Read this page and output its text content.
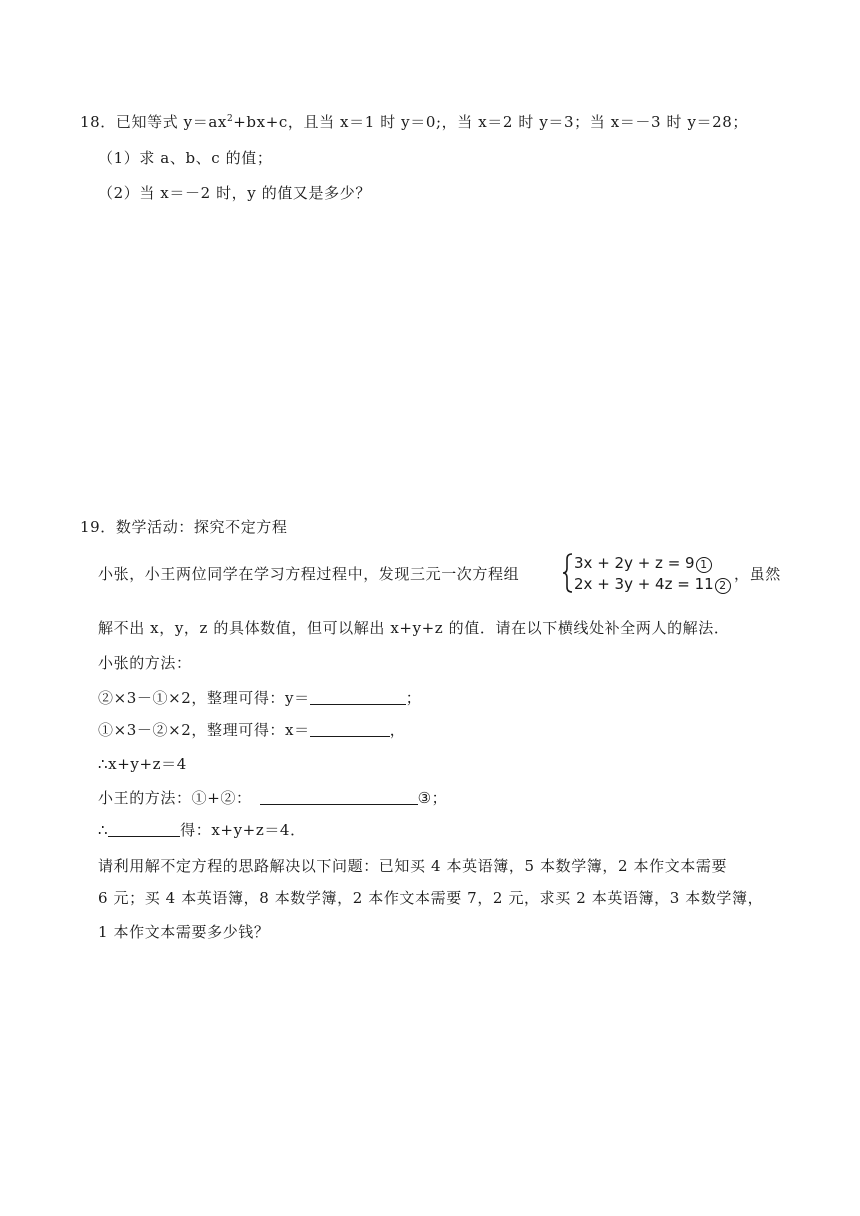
18．已知等式 $y=ax^2+bx+c$，且当 x＝1 时 y＝0;，当 x＝2 时 y＝3；当 x＝－3 时 y＝28；
（1）求 a、b、c 的值；
（2）当 x＝－2 时，y 的值又是多少？
19．数学活动：探究不定方程
小张，小王两位同学在学习方程过程中，发现三元一次方程组
3x + 2y + z = 9 1
2x + 3y + 4z = 11 2
，虽然
解不出 x，y，z 的具体数值，但可以解出 x+y+z 的值．请在以下横线处补全两人的解法．
小张的方法：
②×3－①×2，整理可得：y＝	；
①×3－②×2，整理可得：x＝	，
∴x+y+z＝4
小王的方法：①+②：	③；
∴	得：x+y+z＝4．
请利用解不定方程的思路解决以下问题：已知买 4 本英语簿，5 本数学簿，2 本作文本需要
6 元；买 4 本英语簿，8 本数学簿，2 本作文本需要 7，2 元，求买 2 本英语簿，3 本数学簿，
1 本作文本需要多少钱？
